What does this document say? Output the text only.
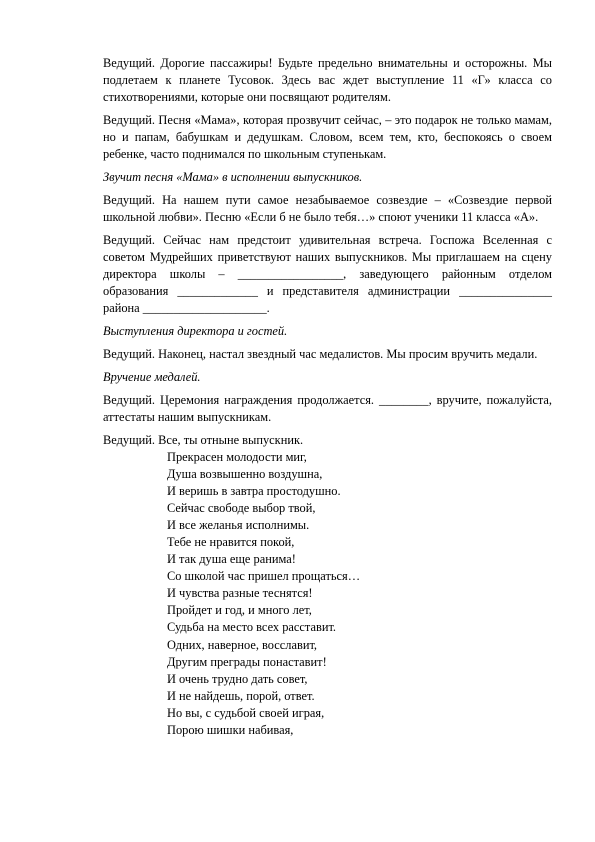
Ведущий. Дорогие пассажиры! Будьте предельно внимательны и осторожны. Мы подлетаем к планете Тусовок. Здесь вас ждет выступление 11 «Г» класса со стихотворениями, которые они посвящают родителям.

Ведущий. Песня «Мама», которая прозвучит сейчас, – это подарок не только мамам, но и папам, бабушкам и дедушкам. Словом, всем тем, кто, беспокоясь о своем ребенке, часто поднимался по школьным ступенькам.

Звучит песня «Мама» в исполнении выпускников.

Ведущий. На нашем пути самое незабываемое созвездие – «Созвездие первой школьной любви». Песню «Если б не было тебя…» споют ученики 11 класса «А».

Ведущий. Сейчас нам предстоит удивительная встреча. Госпожа Вселенная с советом Мудрейших приветствуют наших выпускников. Мы приглашаем на сцену директора школы – _________________, заведующего районным отделом образования _____________ и представителя администрации _______________ района ____________________.

Выступления директора и гостей.

Ведущий. Наконец, настал звездный час медалистов. Мы просим вручить медали.

Вручение медалей.

Ведущий. Церемония награждения продолжается. ________, вручите, пожалуйста, аттестаты нашим выпускникам.

Ведущий. Все, ты отныне выпускник.

Прекрасен молодости миг,
Душа возвышенно воздушна,
И веришь в завтра простодушно.
Сейчас свободе выбор твой,
И все желанья исполнимы.
Тебе не нравится покой,
И так душа еще ранима!
Со школой час пришел прощаться…
И чувства разные теснятся!
Пройдет и год, и много лет,
Судьба на место всех расставит.
Одних, наверное, восславит,
Другим преграды понаставит!
И очень трудно дать совет,
И не найдешь, порой, ответ.
Но вы, с судьбой своей играя,
Порою шишки набивая,
